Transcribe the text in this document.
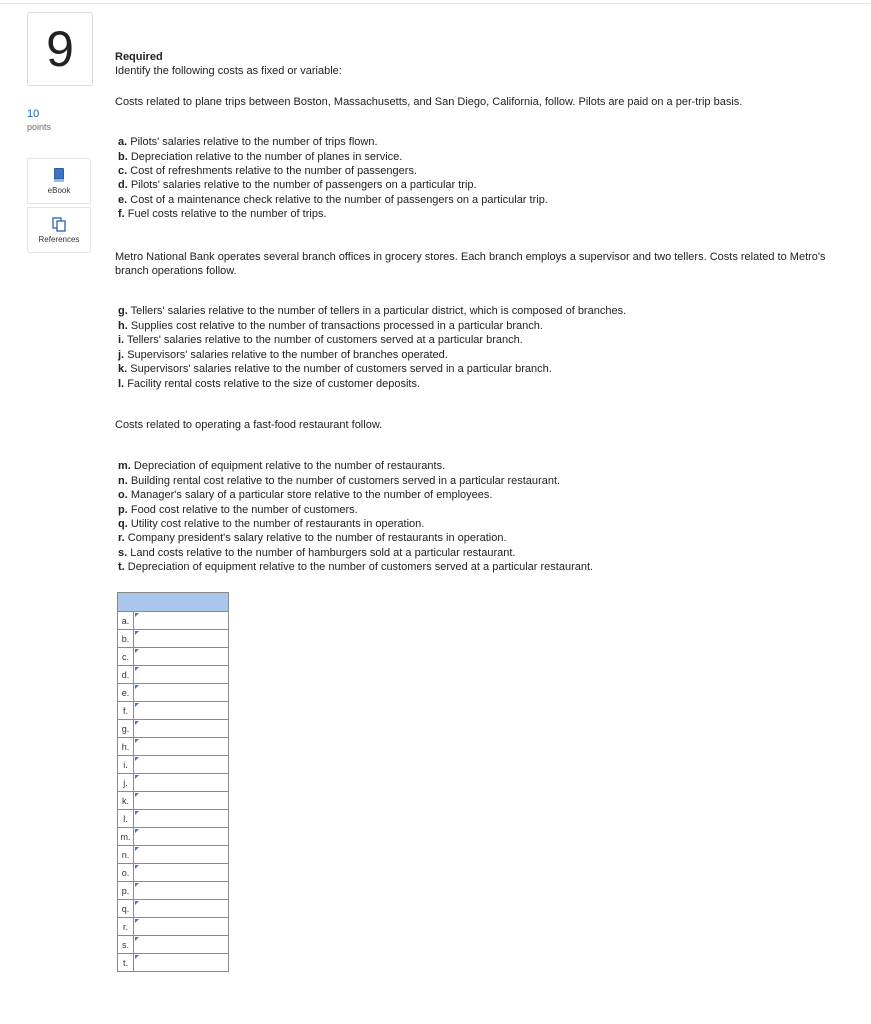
9
10
points
eBook
References
Required

Identify the following costs as fixed or variable:

Costs related to plane trips between Boston, Massachusetts, and San Diego, California, follow. Pilots are paid on a per-trip basis.

a. Pilots' salaries relative to the number of trips flown.
b. Depreciation relative to the number of planes in service.
c. Cost of refreshments relative to the number of passengers.
d. Pilots' salaries relative to the number of passengers on a particular trip.
e. Cost of a maintenance check relative to the number of passengers on a particular trip.
f. Fuel costs relative to the number of trips.

Metro National Bank operates several branch offices in grocery stores. Each branch employs a supervisor and two tellers. Costs related to Metro's branch operations follow.

g. Tellers' salaries relative to the number of tellers in a particular district, which is composed of branches.
h. Supplies cost relative to the number of transactions processed in a particular branch.
i. Tellers' salaries relative to the number of customers served at a particular branch.
j. Supervisors' salaries relative to the number of branches operated.
k. Supervisors' salaries relative to the number of customers served in a particular branch.
l. Facility rental costs relative to the size of customer deposits.

Costs related to operating a fast-food restaurant follow.

m. Depreciation of equipment relative to the number of restaurants.
n. Building rental cost relative to the number of customers served in a particular restaurant.
o. Manager's salary of a particular store relative to the number of employees.
p. Food cost relative to the number of customers.
q. Utility cost relative to the number of restaurants in operation.
r. Company president's salary relative to the number of restaurants in operation.
s. Land costs relative to the number of hamburgers sold at a particular restaurant.
t. Depreciation of equipment relative to the number of customers served at a particular restaurant.

a.	

b.	

c.	

d.	

e.	

f.	

g.	

h.	

i.	

j.	

k.	

l.	

m.	

n.	

o.	

p.	

q.	

r.	

s.	

t.	
